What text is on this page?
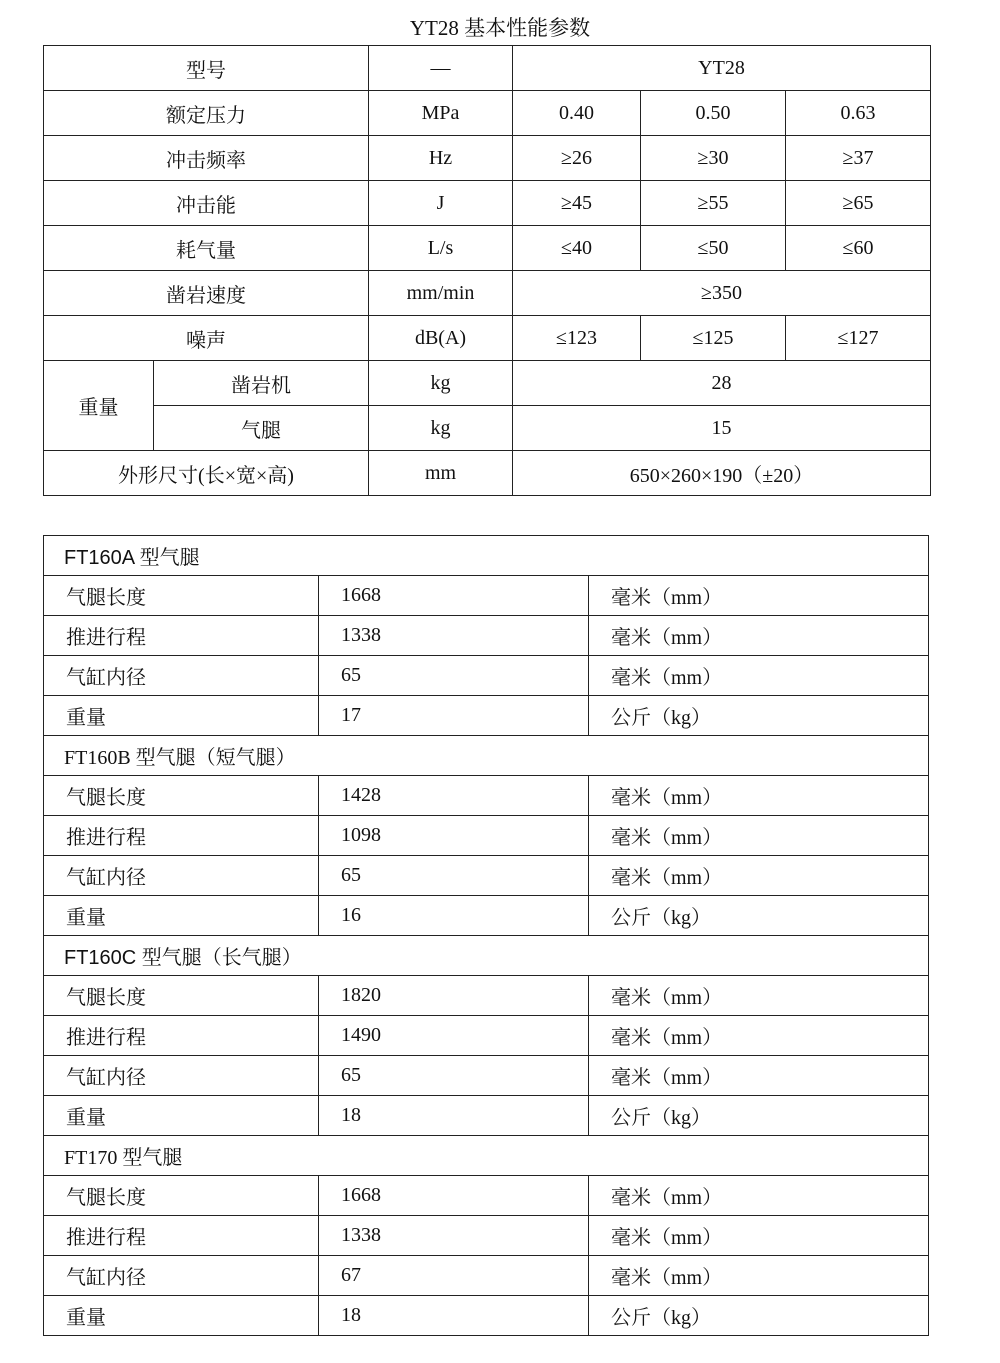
YT28 基本性能参数
型号		—	YT28		
额定压力		MPa	0.40	0.50	0.63
冲击频率		Hz	≥26	≥30	≥37
冲击能		J	≥45	≥55	≥65
耗气量		L/s	≤40	≤50	≤60
凿岩速度		mm/min	≥350		
噪声		dB(A)	≤123	≤125	≤127
重量	凿岩机	kg	28		
	气腿	kg	15		
外形尺寸(长×宽×高)		mm	650×260×190（±20）		
FT160A 型气腿		
气腿长度	1668	毫米（mm）
推进行程	1338	毫米（mm）
气缸内径	65	毫米（mm）
重量	17	公斤（kg）
FT160B 型气腿（短气腿）		
气腿长度	1428	毫米（mm）
推进行程	1098	毫米（mm）
气缸内径	65	毫米（mm）
重量	16	公斤（kg）
FT160C 型气腿（长气腿）		
气腿长度	1820	毫米（mm）
推进行程	1490	毫米（mm）
气缸内径	65	毫米（mm）
重量	18	公斤（kg）
FT170 型气腿		
气腿长度	1668	毫米（mm）
推进行程	1338	毫米（mm）
气缸内径	67	毫米（mm）
重量	18	公斤（kg）
